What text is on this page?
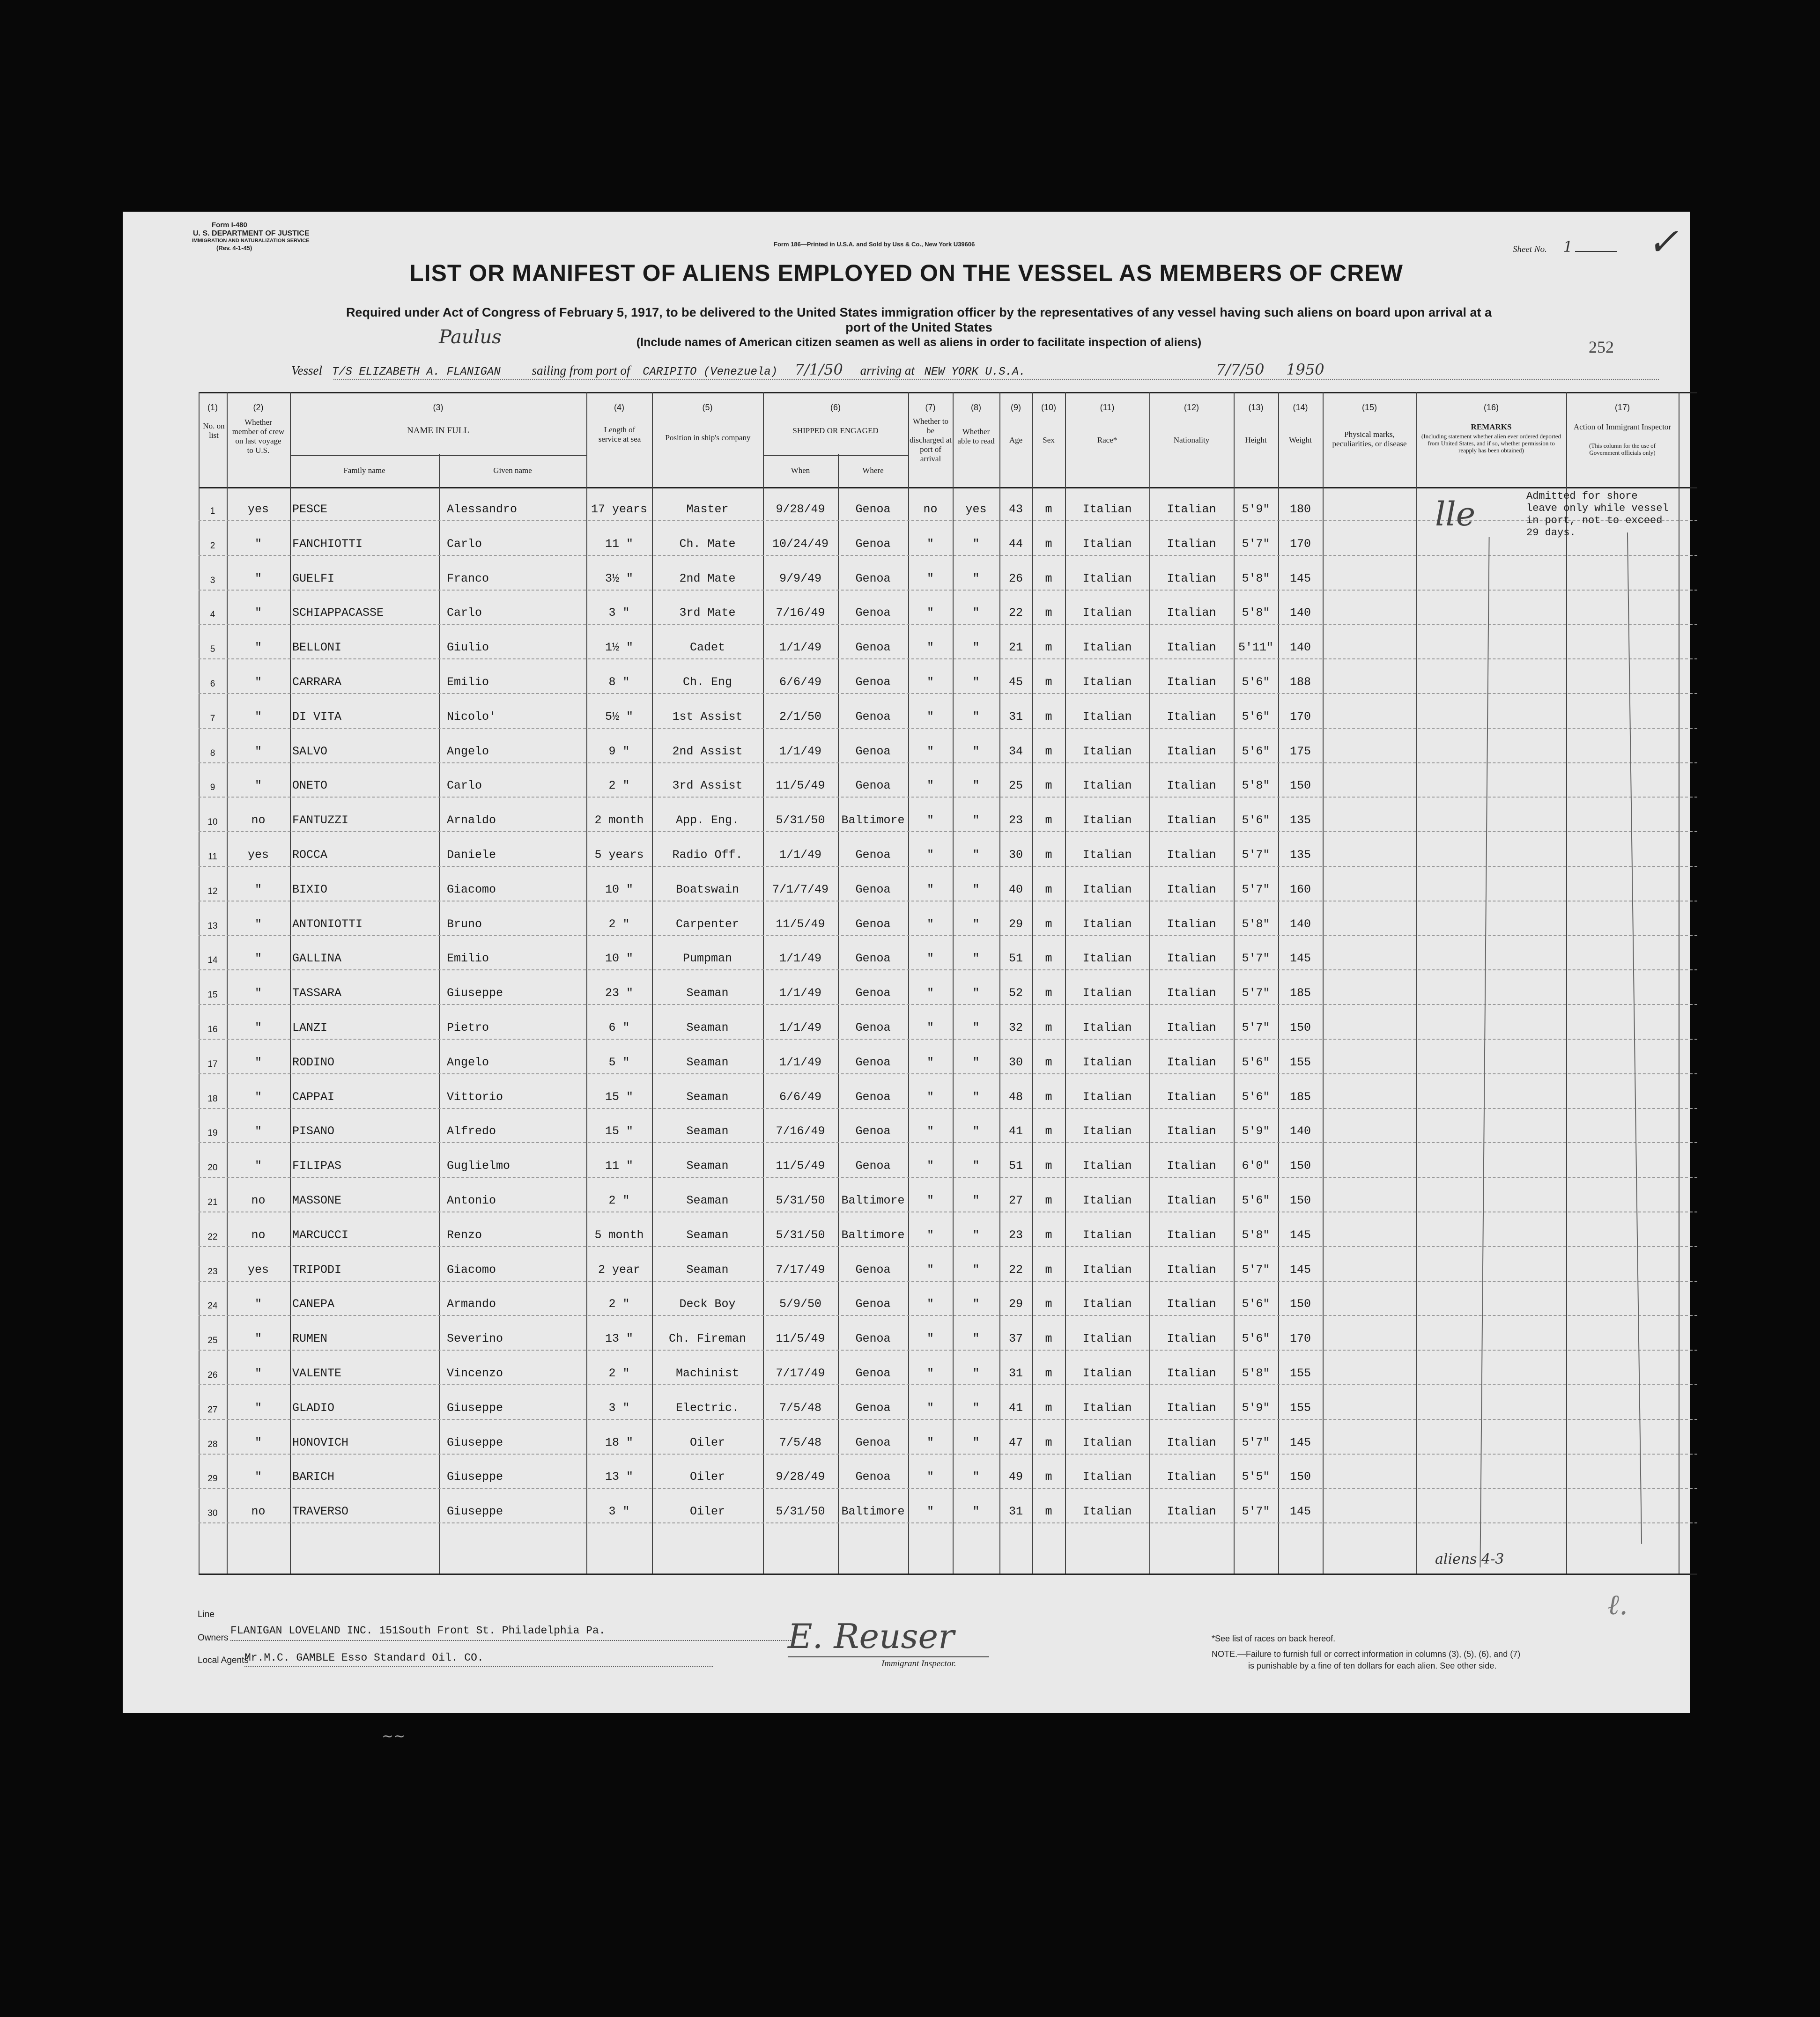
Form I-480
U. S. DEPARTMENT OF JUSTICE
IMMIGRATION AND NATURALIZATION SERVICE
(Rev. 4-1-45)
Form 186—Printed in U.S.A. and Sold by Uss & Co., New York U39606
Sheet No. 1	✓
LIST OR MANIFEST OF ALIENS EMPLOYED ON THE VESSEL AS MEMBERS OF CREW
Required under Act of Congress of February 5, 1917, to be delivered to the United States immigration officer by the representatives of any vessel having such aliens on board upon arrival at a
port of the United States
(Include names of American citizen seamen as well as aliens in order to facilitate inspection of aliens)	252
Paulus
Vessel T/S ELIZABETH A. FLANIGAN sailing from port of CARIPITO (Venezuela) 7/1/50 arriving at NEW YORK U.S.A.	7/7/50 1950
(1)
No. on list
(2)
Whether member of crew on last voyage to U.S.
(3)
NAME IN FULL
Family name	Given name
(4)
Length of service at sea
(5)
Position in ship's company
(6)
SHIPPED OR ENGAGED
When	Where
(7)
Whether to be discharged at port of arrival
(8)
Whether able to read
(9)
Age
(10)
Sex
(11)
Race*
(12)
Nationality
(13)
Height
(14)
Weight
(15)
Physical marks, peculiarities, or disease
(16)
REMARKS
(Including statement whether alien ever ordered deported from United States, and if so, whether permission to reapply has been obtained)
(17)
Action of Immigrant Inspector
(This column for the use of Government officials only)
1	yes	PESCE	Alessandro	17 years	Master	9/28/49	Genoa	no	yes	43	m	Italian	Italian	5'9"	180
2	"	FANCHIOTTI	Carlo	11 "	Ch. Mate	10/24/49	Genoa	"	"	44	m	Italian	Italian	5'7"	170
3	"	GUELFI	Franco	3½ "	2nd Mate	9/9/49	Genoa	"	"	26	m	Italian	Italian	5'8"	145
4	"	SCHIAPPACASSE	Carlo	3 "	3rd Mate	7/16/49	Genoa	"	"	22	m	Italian	Italian	5'8"	140
5	"	BELLONI	Giulio	1½ "	Cadet	1/1/49	Genoa	"	"	21	m	Italian	Italian	5'11"	140
6	"	CARRARA	Emilio	8 "	Ch. Eng	6/6/49	Genoa	"	"	45	m	Italian	Italian	5'6"	188
7	"	DI VITA	Nicolo'	5½ "	1st Assist	2/1/50	Genoa	"	"	31	m	Italian	Italian	5'6"	170
8	"	SALVO	Angelo	9 "	2nd Assist	1/1/49	Genoa	"	"	34	m	Italian	Italian	5'6"	175
9	"	ONETO	Carlo	2 "	3rd Assist	11/5/49	Genoa	"	"	25	m	Italian	Italian	5'8"	150
10	no	FANTUZZI	Arnaldo	2 month	App. Eng.	5/31/50	Baltimore	"	"	23	m	Italian	Italian	5'6"	135
11	yes	ROCCA	Daniele	5 years	Radio Off.	1/1/49	Genoa	"	"	30	m	Italian	Italian	5'7"	135
12	"	BIXIO	Giacomo	10 "	Boatswain	7/1/7/49	Genoa	"	"	40	m	Italian	Italian	5'7"	160
13	"	ANTONIOTTI	Bruno	2 "	Carpenter	11/5/49	Genoa	"	"	29	m	Italian	Italian	5'8"	140
14	"	GALLINA	Emilio	10 "	Pumpman	1/1/49	Genoa	"	"	51	m	Italian	Italian	5'7"	145
15	"	TASSARA	Giuseppe	23 "	Seaman	1/1/49	Genoa	"	"	52	m	Italian	Italian	5'7"	185
16	"	LANZI	Pietro	6 "	Seaman	1/1/49	Genoa	"	"	32	m	Italian	Italian	5'7"	150
17	"	RODINO	Angelo	5 "	Seaman	1/1/49	Genoa	"	"	30	m	Italian	Italian	5'6"	155
18	"	CAPPAI	Vittorio	15 "	Seaman	6/6/49	Genoa	"	"	48	m	Italian	Italian	5'6"	185
19	"	PISANO	Alfredo	15 "	Seaman	7/16/49	Genoa	"	"	41	m	Italian	Italian	5'9"	140
20	"	FILIPAS	Guglielmo	11 "	Seaman	11/5/49	Genoa	"	"	51	m	Italian	Italian	6'0"	150
21	no	MASSONE	Antonio	2 "	Seaman	5/31/50	Baltimore	"	"	27	m	Italian	Italian	5'6"	150
22	no	MARCUCCI	Renzo	5 month	Seaman	5/31/50	Baltimore	"	"	23	m	Italian	Italian	5'8"	145
23	yes	TRIPODI	Giacomo	2 year	Seaman	7/17/49	Genoa	"	"	22	m	Italian	Italian	5'7"	145
24	"	CANEPA	Armando	2 "	Deck Boy	5/9/50	Genoa	"	"	29	m	Italian	Italian	5'6"	150
25	"	RUMEN	Severino	13 "	Ch. Fireman	11/5/49	Genoa	"	"	37	m	Italian	Italian	5'6"	170
26	"	VALENTE	Vincenzo	2 "	Machinist	7/17/49	Genoa	"	"	31	m	Italian	Italian	5'8"	155
27	"	GLADIO	Giuseppe	3 "	Electric.	7/5/48	Genoa	"	"	41	m	Italian	Italian	5'9"	155
28	"	HONOVICH	Giuseppe	18 "	Oiler	7/5/48	Genoa	"	"	47	m	Italian	Italian	5'7"	145
29	"	BARICH	Giuseppe	13 "	Oiler	9/28/49	Genoa	"	"	49	m	Italian	Italian	5'5"	150
30	no	TRAVERSO	Giuseppe	3 "	Oiler	5/31/50	Baltimore	"	"	31	m	Italian	Italian	5'7"	145
Admitted for shore leave only while vessel in port, not to exceed 29 days.
lle
aliens 4-3
Line
Owners
FLANIGAN LOVELAND INC. 151South Front St. Philadelphia Pa.
Local Agents
Mr.M.C. GAMBLE Esso Standard Oil. CO.
E. Reuser
Immigrant Inspector.
*See list of races on back hereof.
NOTE.—Failure to furnish full or correct information in columns (3), (5), (6), and (7)
is punishable by a fine of ten dollars for each alien. See other side.
ℓ.
~~
